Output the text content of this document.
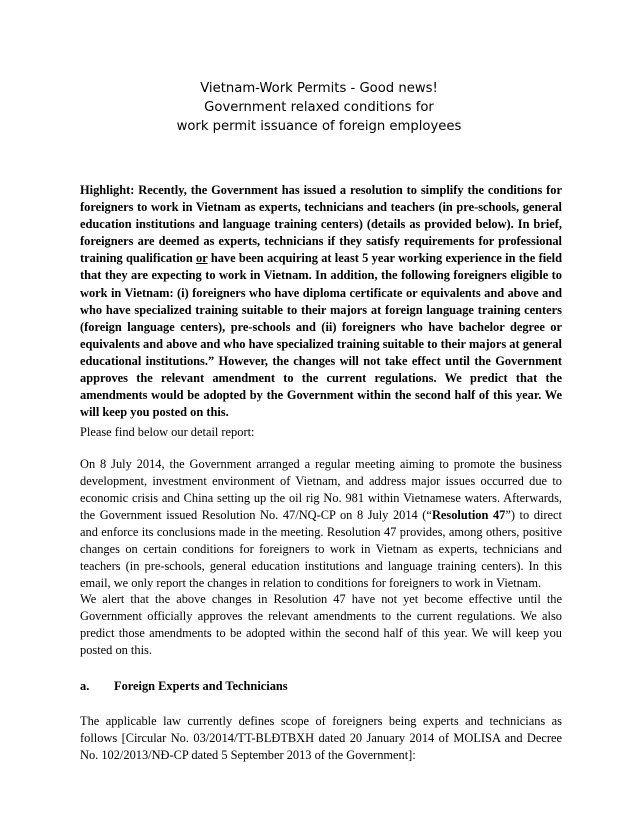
Vietnam-Work Permits - Good news!
Government relaxed conditions for
work permit issuance of foreign employees
Highlight: Recently, the Government has issued a resolution to simplify the conditions for foreigners to work in Vietnam as experts, technicians and teachers (in pre-schools, general education institutions and language training centers) (details as provided below). In brief, foreigners are deemed as experts, technicians if they satisfy requirements for professional training qualification or have been acquiring at least 5 year working experience in the field that they are expecting to work in Vietnam. In addition, the following foreigners eligible to work in Vietnam: (i) foreigners who have diploma certificate or equivalents and above and who have specialized training suitable to their majors at foreign language training centers (foreign language centers), pre-schools and (ii) foreigners who have bachelor degree or equivalents and above and who have specialized training suitable to their majors at general educational institutions.” However, the changes will not take effect until the Government approves the relevant amendment to the current regulations. We predict that the amendments would be adopted by the Government within the second half of this year. We will keep you posted on this.
Please find below our detail report:
On 8 July 2014, the Government arranged a regular meeting aiming to promote the business development, investment environment of Vietnam, and address major issues occurred due to economic crisis and China setting up the oil rig No. 981 within Vietnamese waters. Afterwards, the Government issued Resolution No. 47/NQ-CP on 8 July 2014 (“Resolution 47”) to direct and enforce its conclusions made in the meeting. Resolution 47 provides, among others, positive changes on certain conditions for foreigners to work in Vietnam as experts, technicians and teachers (in pre-schools, general education institutions and language training centers). In this email, we only report the changes in relation to conditions for foreigners to work in Vietnam.
We alert that the above changes in Resolution 47 have not yet become effective until the Government officially approves the relevant amendments to the current regulations. We also predict those amendments to be adopted within the second half of this year. We will keep you posted on this.
a. Foreign Experts and Technicians
The applicable law currently defines scope of foreigners being experts and technicians as follows [Circular No. 03/2014/TT-BLĐTBXH dated 20 January 2014 of MOLISA and Decree No. 102/2013/NĐ-CP dated 5 September 2013 of the Government]:
